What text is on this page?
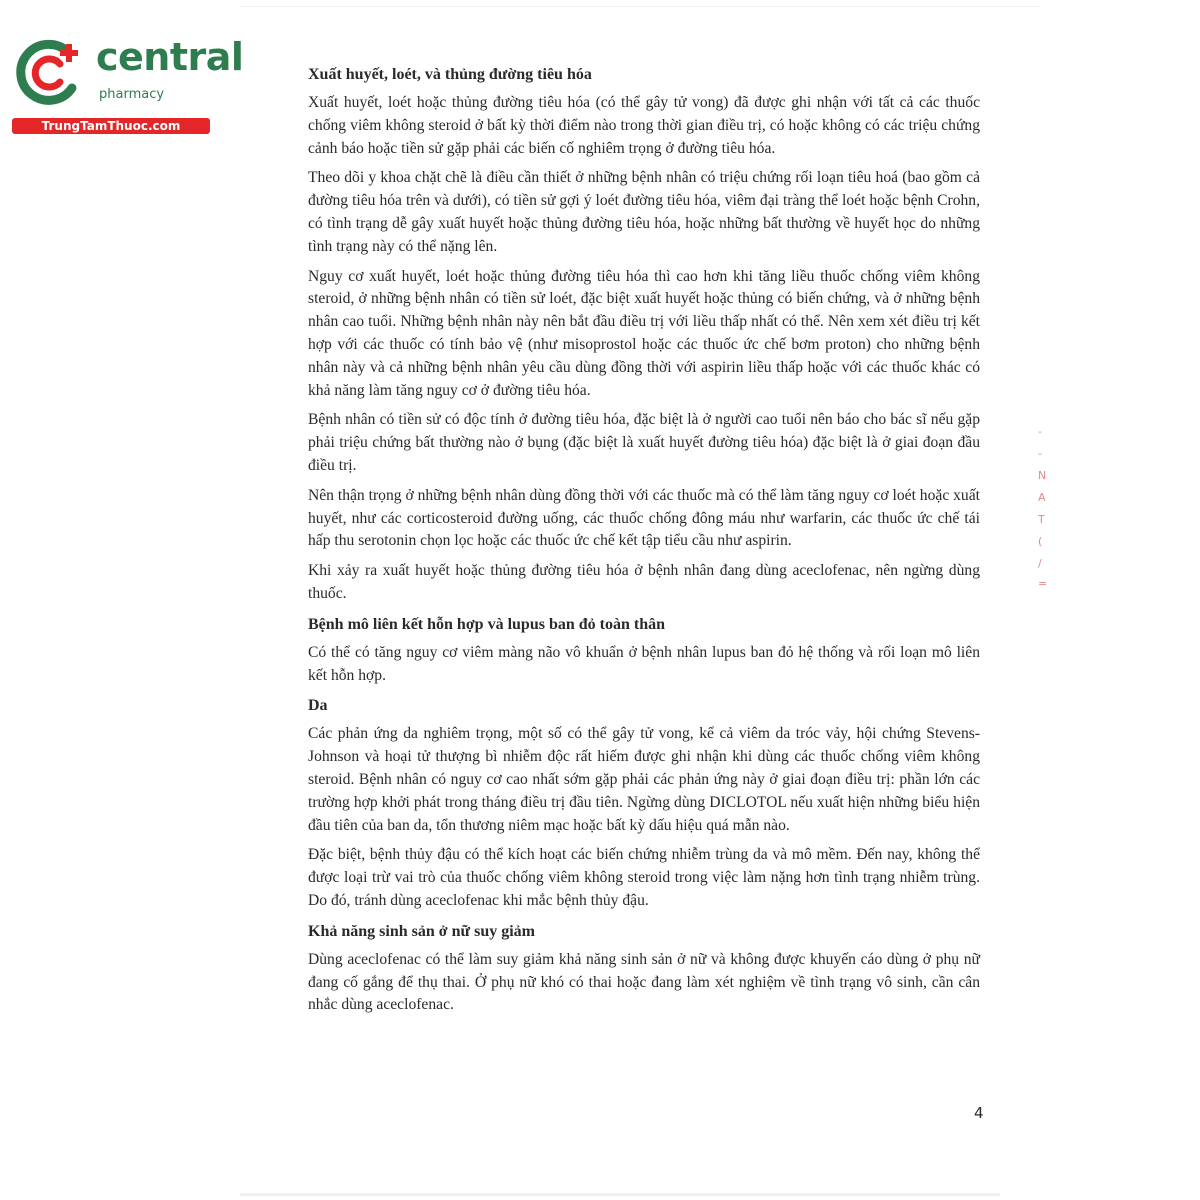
central
pharmacy
TrungTamThuoc.com
Xuất huyết, loét, và thủng đường tiêu hóa

Xuất huyết, loét hoặc thủng đường tiêu hóa (có thể gây tử vong) đã được ghi nhận với tất cả các thuốc chống viêm không steroid ở bất kỳ thời điểm nào trong thời gian điều trị, có hoặc không có các triệu chứng cảnh báo hoặc tiền sử gặp phải các biến cố nghiêm trọng ở đường tiêu hóa.

Theo dõi y khoa chặt chẽ là điều cần thiết ở những bệnh nhân có triệu chứng rối loạn tiêu hoá (bao gồm cả đường tiêu hóa trên và dưới), có tiền sử gợi ý loét đường tiêu hóa, viêm đại tràng thể loét hoặc bệnh Crohn, có tình trạng dễ gây xuất huyết hoặc thủng đường tiêu hóa, hoặc những bất thường về huyết học do những tình trạng này có thể nặng lên.

Nguy cơ xuất huyết, loét hoặc thủng đường tiêu hóa thì cao hơn khi tăng liều thuốc chống viêm không steroid, ở những bệnh nhân có tiền sử loét, đặc biệt xuất huyết hoặc thủng có biến chứng, và ở những bệnh nhân cao tuổi. Những bệnh nhân này nên bắt đầu điều trị với liều thấp nhất có thể. Nên xem xét điều trị kết hợp với các thuốc có tính bảo vệ (như misoprostol hoặc các thuốc ức chế bơm proton) cho những bệnh nhân này và cả những bệnh nhân yêu cầu dùng đồng thời với aspirin liều thấp hoặc với các thuốc khác có khả năng làm tăng nguy cơ ở đường tiêu hóa.

Bệnh nhân có tiền sử có độc tính ở đường tiêu hóa, đặc biệt là ở người cao tuổi nên báo cho bác sĩ nếu gặp phải triệu chứng bất thường nào ở bụng (đặc biệt là xuất huyết đường tiêu hóa) đặc biệt là ở giai đoạn đầu điều trị.

Nên thận trọng ở những bệnh nhân dùng đồng thời với các thuốc mà có thể làm tăng nguy cơ loét hoặc xuất huyết, như các corticosteroid đường uống, các thuốc chống đông máu như warfarin, các thuốc ức chế tái hấp thu serotonin chọn lọc hoặc các thuốc ức chế kết tập tiểu cầu như aspirin.

Khi xảy ra xuất huyết hoặc thủng đường tiêu hóa ở bệnh nhân đang dùng aceclofenac, nên ngừng dùng thuốc.

Bệnh mô liên kết hỗn hợp và lupus ban đỏ toàn thân

Có thể có tăng nguy cơ viêm màng não vô khuẩn ở bệnh nhân lupus ban đỏ hệ thống và rối loạn mô liên kết hỗn hợp.

Da

Các phản ứng da nghiêm trọng, một số có thể gây tử vong, kể cả viêm da tróc vảy, hội chứng Stevens-Johnson và hoại tử thượng bì nhiễm độc rất hiếm được ghi nhận khi dùng các thuốc chống viêm không steroid. Bệnh nhân có nguy cơ cao nhất sớm gặp phải các phản ứng này ở giai đoạn điều trị: phần lớn các trường hợp khởi phát trong tháng điều trị đầu tiên. Ngừng dùng DICLOTOL nếu xuất hiện những biểu hiện đầu tiên của ban da, tổn thương niêm mạc hoặc bất kỳ dấu hiệu quá mẫn nào.

Đặc biệt, bệnh thủy đậu có thể kích hoạt các biến chứng nhiễm trùng da và mô mềm. Đến nay, không thể được loại trừ vai trò của thuốc chống viêm không steroid trong việc làm nặng hơn tình trạng nhiễm trùng. Do đó, tránh dùng aceclofenac khi mắc bệnh thủy đậu.

Khả năng sinh sản ở nữ suy giảm

Dùng aceclofenac có thể làm suy giảm khả năng sinh sản ở nữ và không được khuyến cáo dùng ở phụ nữ đang cố gắng để thụ thai. Ở phụ nữ khó có thai hoặc đang làm xét nghiệm về tình trạng vô sinh, cần cân nhắc dùng aceclofenac.

-
-
N
A
T
(
/
=
4
